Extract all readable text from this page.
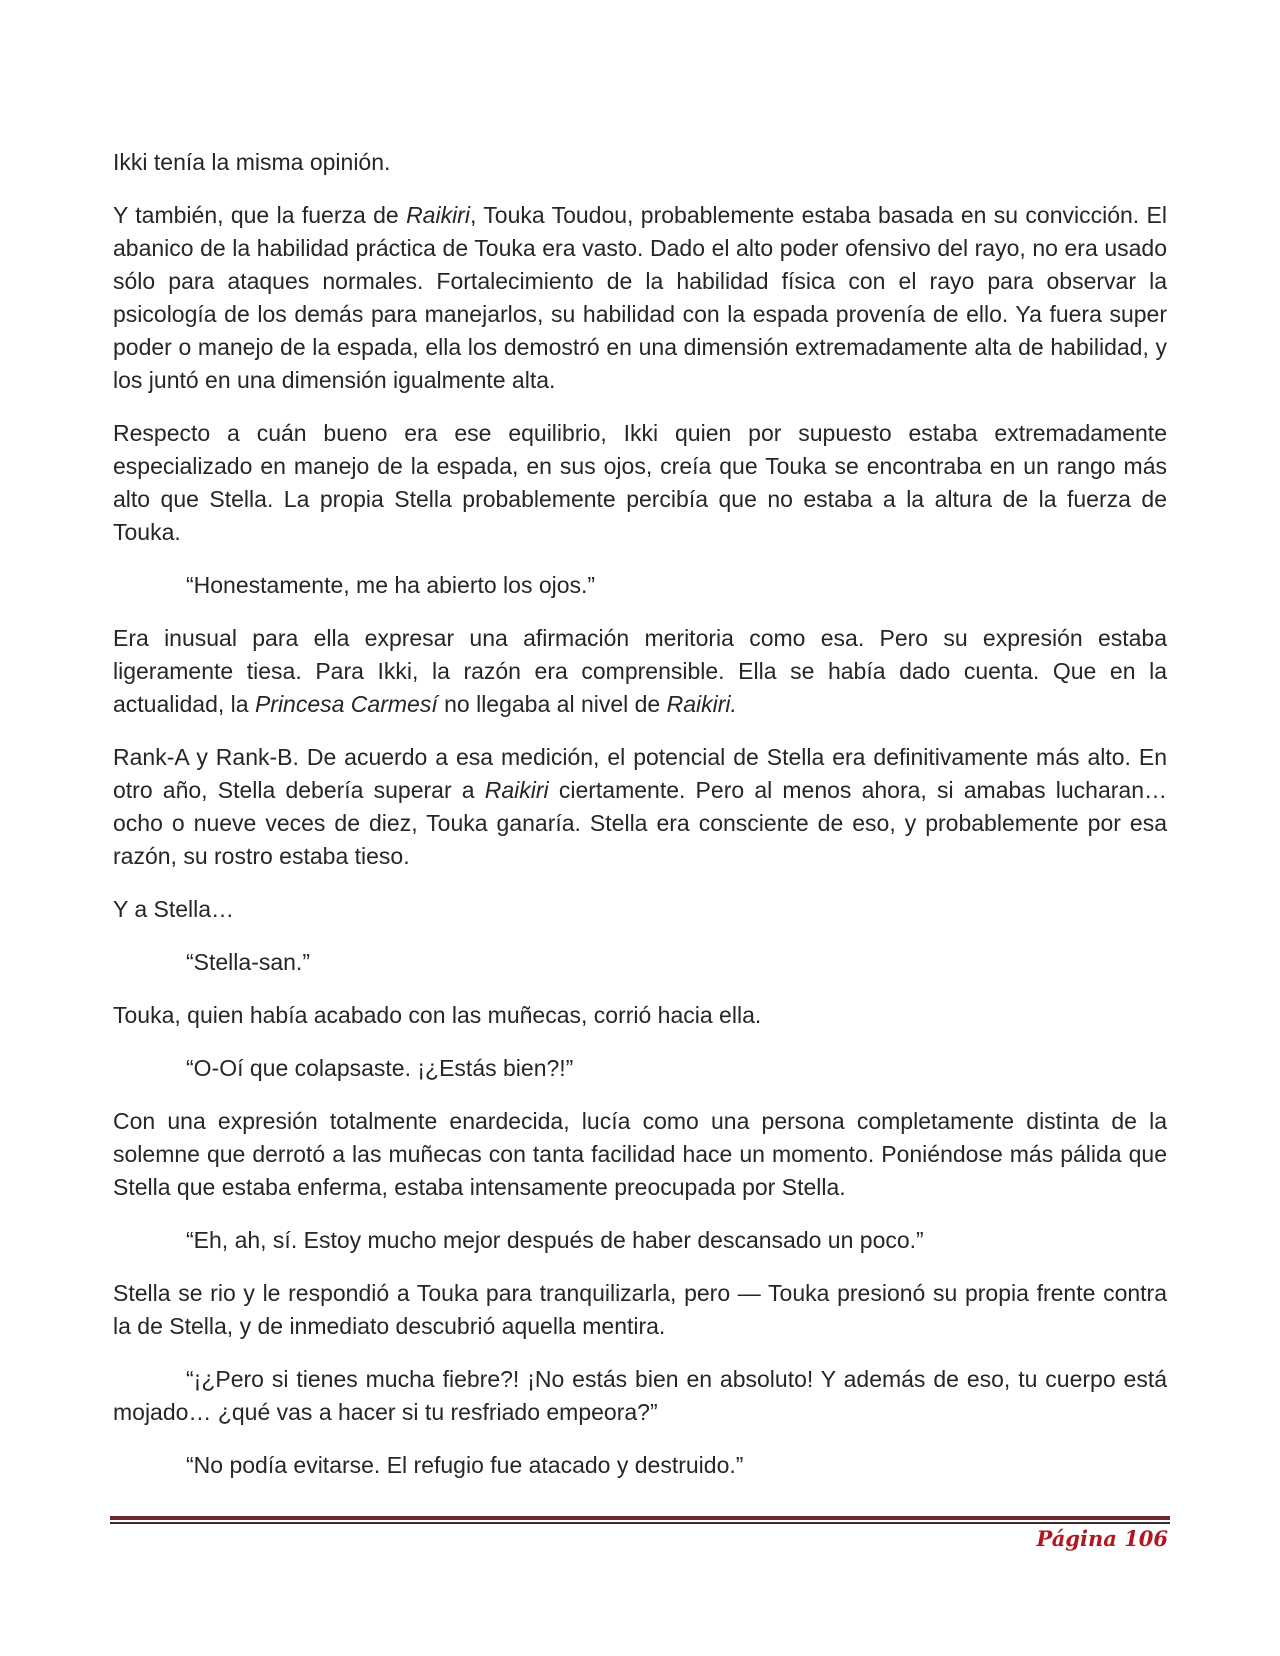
Ikki tenía la misma opinión.

Y también, que la fuerza de Raikiri, Touka Toudou, probablemente estaba basada en su convicción. El abanico de la habilidad práctica de Touka era vasto. Dado el alto poder ofensivo del rayo, no era usado sólo para ataques normales. Fortalecimiento de la habilidad física con el rayo para observar la psicología de los demás para manejarlos, su habilidad con la espada provenía de ello. Ya fuera super poder o manejo de la espada, ella los demostró en una dimensión extremadamente alta de habilidad, y los juntó en una dimensión igualmente alta.

Respecto a cuán bueno era ese equilibrio, Ikki quien por supuesto estaba extremadamente especializado en manejo de la espada, en sus ojos, creía que Touka se encontraba en un rango más alto que Stella. La propia Stella probablemente percibía que no estaba a la altura de la fuerza de Touka.

“Honestamente, me ha abierto los ojos.”

Era inusual para ella expresar una afirmación meritoria como esa. Pero su expresión estaba ligeramente tiesa. Para Ikki, la razón era comprensible. Ella se había dado cuenta. Que en la actualidad, la Princesa Carmesí no llegaba al nivel de Raikiri.

Rank-A y Rank-B. De acuerdo a esa medición, el potencial de Stella era definitivamente más alto. En otro año, Stella debería superar a Raikiri ciertamente. Pero al menos ahora, si amabas lucharan… ocho o nueve veces de diez, Touka ganaría. Stella era consciente de eso, y probablemente por esa razón, su rostro estaba tieso.

Y a Stella…

“Stella-san.”

Touka, quien había acabado con las muñecas, corrió hacia ella.

“O-Oí que colapsaste. ¡¿Estás bien?!”

Con una expresión totalmente enardecida, lucía como una persona completamente distinta de la solemne que derrotó a las muñecas con tanta facilidad hace un momento. Poniéndose más pálida que Stella que estaba enferma, estaba intensamente preocupada por Stella.

“Eh, ah, sí. Estoy mucho mejor después de haber descansado un poco.”

Stella se rio y le respondió a Touka para tranquilizarla, pero — Touka presionó su propia frente contra la de Stella, y de inmediato descubrió aquella mentira.

“¡¿Pero si tienes mucha fiebre?! ¡No estás bien en absoluto! Y además de eso, tu cuerpo está mojado… ¿qué vas a hacer si tu resfriado empeora?”

“No podía evitarse. El refugio fue atacado y destruido.”

Página 106
